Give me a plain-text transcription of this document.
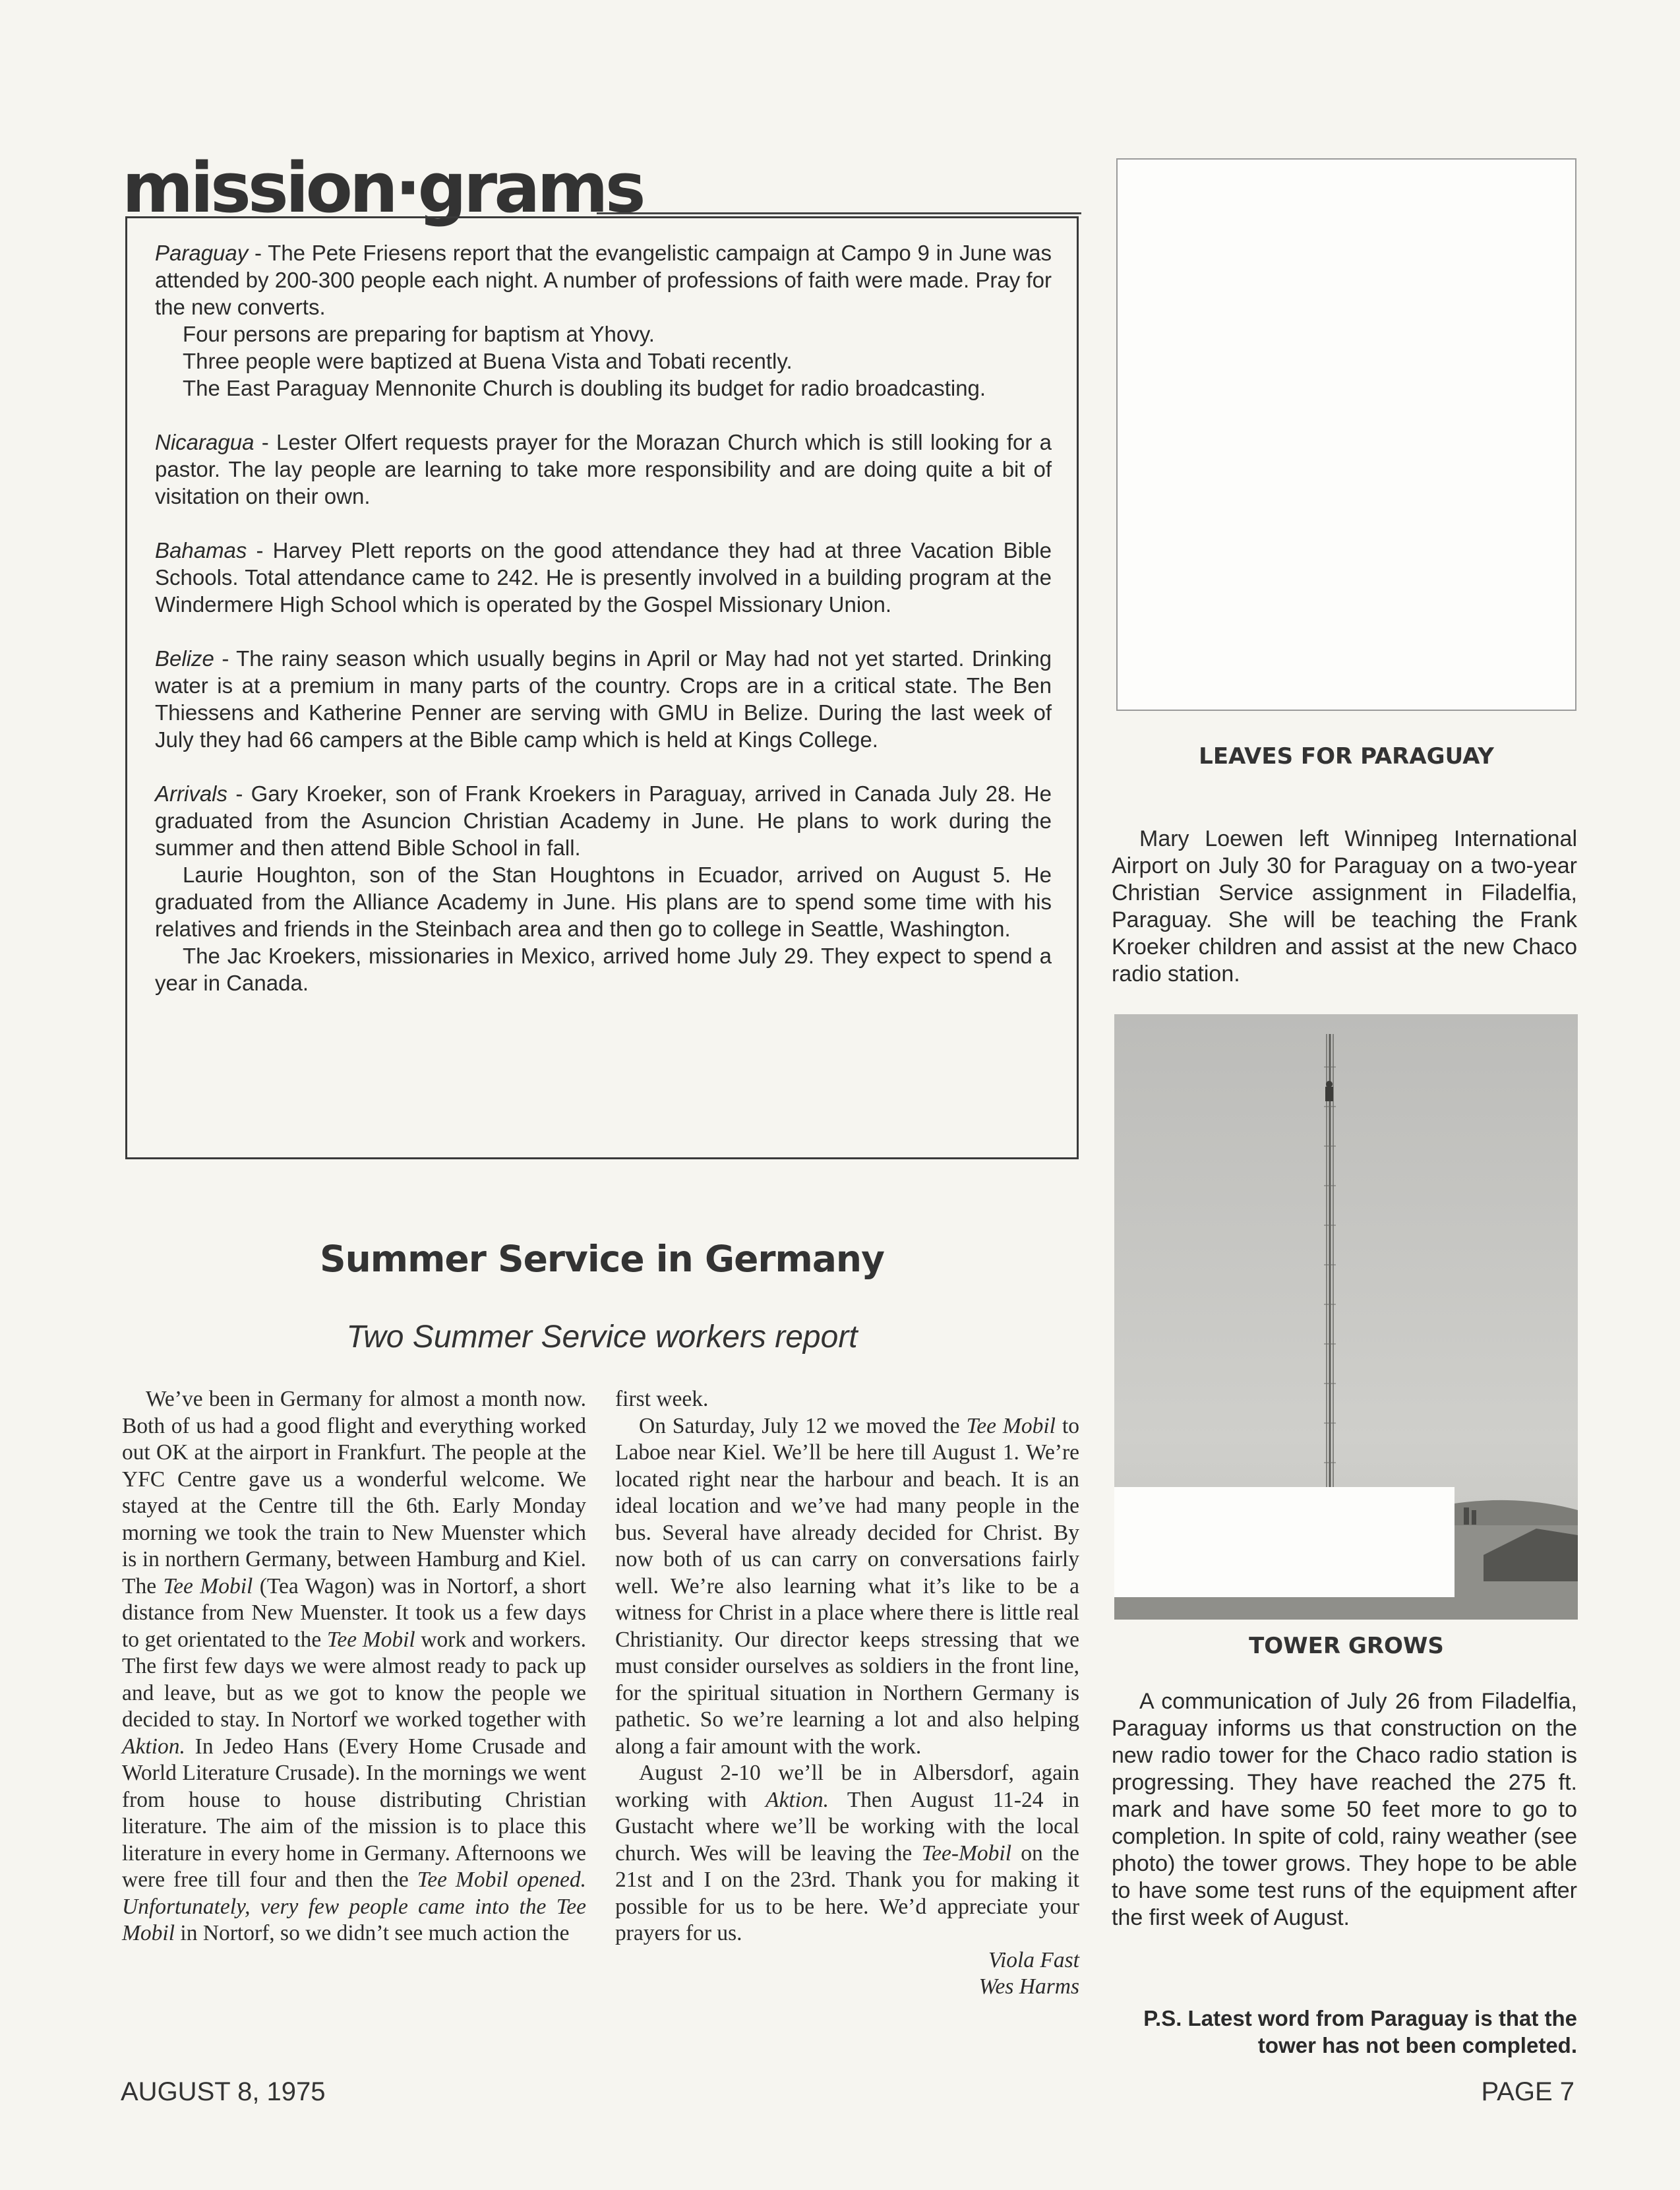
mission·grams

Paraguay - The Pete Friesens report that the evangelistic campaign at Campo 9 in June was attended by 200-300 people each night. A number of professions of faith were made. Pray for the new converts.

Four persons are preparing for baptism at Yhovy.

Three people were baptized at Buena Vista and Tobati recently.

The East Paraguay Mennonite Church is doubling its budget for radio broadcasting.

Nicaragua - Lester Olfert requests prayer for the Morazan Church which is still looking for a pastor. The lay people are learning to take more responsibility and are doing quite a bit of visitation on their own.

Bahamas - Harvey Plett reports on the good attendance they had at three Vacation Bible Schools. Total attendance came to 242. He is presently involved in a building program at the Windermere High School which is operated by the Gospel Missionary Union.

Belize - The rainy season which usually begins in April or May had not yet started. Drinking water is at a premium in many parts of the country. Crops are in a critical state. The Ben Thiessens and Katherine Penner are serving with GMU in Belize. During the last week of July they had 66 campers at the Bible camp which is held at Kings College.

Arrivals - Gary Kroeker, son of Frank Kroekers in Paraguay, arrived in Canada July 28. He graduated from the Asuncion Christian Academy in June. He plans to work during the summer and then attend Bible School in fall.

Laurie Houghton, son of the Stan Houghtons in Ecuador, arrived on August 5. He graduated from the Alliance Academy in June. His plans are to spend some time with his relatives and friends in the Steinbach area and then go to college in Seattle, Washington.

The Jac Kroekers, missionaries in Mexico, arrived home July 29. They expect to spend a year in Canada.

LEAVES FOR PARAGUAY

Mary Loewen left Winnipeg International Airport on July 30 for Paraguay on a two-year Christian Service assignment in Filadelfia, Paraguay. She will be teaching the Frank Kroeker children and assist at the new Chaco radio station.

TOWER GROWS

A communication of July 26 from Filadelfia, Paraguay informs us that construction on the new radio tower for the Chaco radio station is progressing. They have reached the 275 ft. mark and have some 50 feet more to go to completion. In spite of cold, rainy weather (see photo) the tower grows. They hope to be able to have some test runs of the equipment after the first week of August.

P.S. Latest word from Paraguay is that the tower has not been completed.

Summer Service in Germany

Two Summer Service workers report

We’ve been in Germany for almost a month now. Both of us had a good flight and everything worked out OK at the airport in Frankfurt. The people at the YFC Centre gave us a wonderful welcome. We stayed at the Centre till the 6th. Early Monday morning we took the train to New Muenster which is in northern Germany, between Hamburg and Kiel. The Tee Mobil (Tea Wagon) was in Nortorf, a short distance from New Muenster. It took us a few days to get orientated to the Tee Mobil work and workers. The first few days we were almost ready to pack up and leave, but as we got to know the people we decided to stay. In Nortorf we worked together with Aktion. In Jedeo Hans (Every Home Crusade and World Literature Crusade). In the mornings we went from house to house distributing Christian literature. The aim of the mission is to place this literature in every home in Germany. Afternoons we were free till four and then the Tee Mobil opened. Unfortunately, very few people came into the Tee Mobil in Nortorf, so we didn’t see much action the

first week.

On Saturday, July 12 we moved the Tee Mobil to Laboe near Kiel. We’ll be here till August 1. We’re located right near the harbour and beach. It is an ideal location and we’ve had many people in the bus. Several have already decided for Christ. By now both of us can carry on conversations fairly well. We’re also learning what it’s like to be a witness for Christ in a place where there is little real Christianity. Our director keeps stressing that we must consider ourselves as soldiers in the front line, for the spiritual situation in Northern Germany is pathetic. So we’re learning a lot and also helping along a fair amount with the work.

August 2-10 we’ll be in Albersdorf, again working with Aktion. Then August 11-24 in Gustacht where we’ll be working with the local church. Wes will be leaving the Tee-Mobil on the 21st and I on the 23rd. Thank you for making it possible for us to be here. We’d appreciate your prayers for us.

Viola Fast

Wes Harms

AUGUST 8, 1975	PAGE 7
